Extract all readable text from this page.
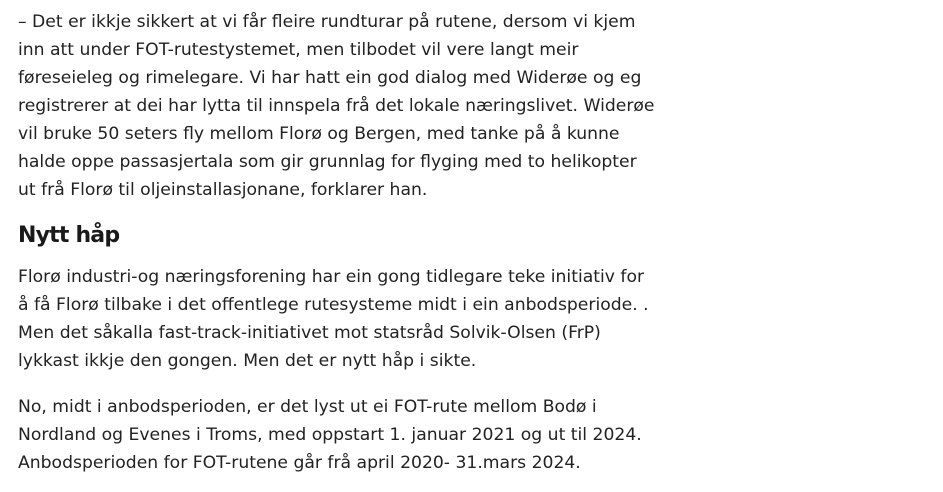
– Det er ikkje sikkert at vi får fleire rundturar på rutene, dersom vi kjem inn att under FOT-rutestystemet, men tilbodet vil vere langt meir føreseieleg og rimelegare. Vi har hatt ein god dialog med Widerøe og eg registrerer at dei har lytta til innspela frå det lokale næringslivet. Widerøe vil bruke 50 seters fly mellom Florø og Bergen, med tanke på å kunne halde oppe passasjertala som gir grunnlag for flyging med to helikopter ut frå Florø til oljeinstallasjonane, forklarer han.

Nytt håp

Florø industri-og næringsforening har ein gong tidlegare teke initiativ for å få Florø tilbake i det offentlege rutesysteme midt i ein anbodsperiode. . Men det såkalla fast-track-initiativet mot statsråd Solvik-Olsen (FrP) lykkast ikkje den gongen. Men det er nytt håp i sikte.

No, midt i anbodsperioden, er det lyst ut ei FOT-rute mellom Bodø i Nordland og Evenes i Troms, med oppstart 1. januar 2021 og ut til 2024. Anbodsperioden for FOT-rutene går frå april 2020- 31.mars 2024.
